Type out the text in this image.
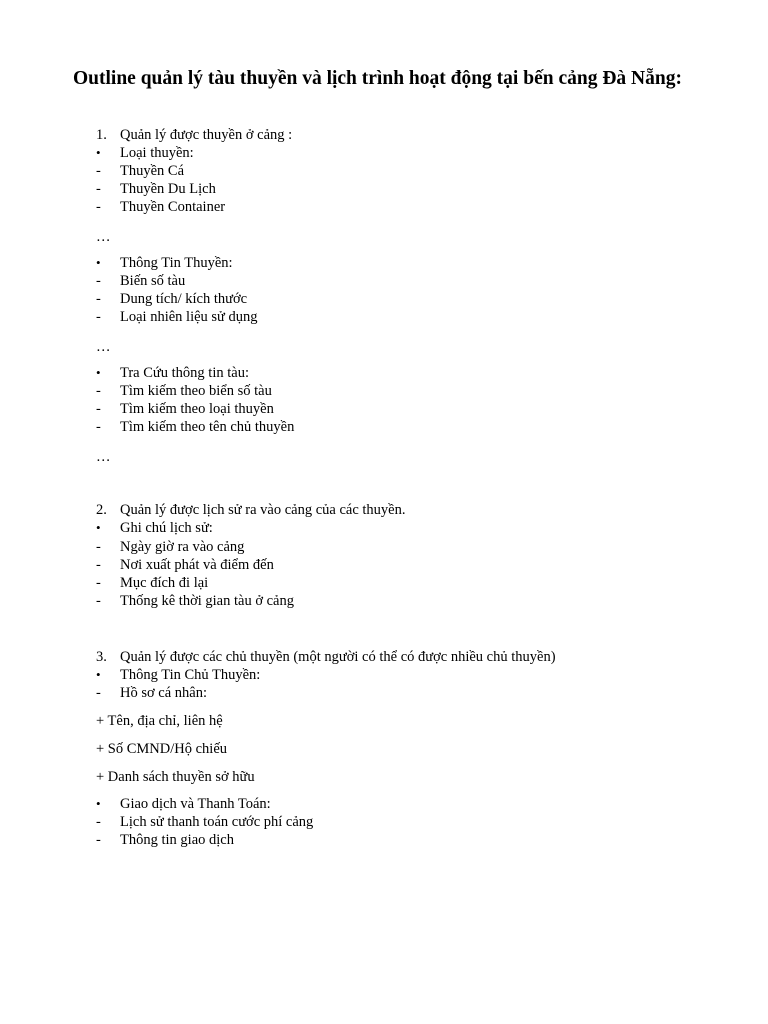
Outline quản lý tàu thuyền và lịch trình hoạt động tại bến cảng Đà Nẵng:
1. Quản lý được thuyền ở cảng :
• Loại thuyền:
- Thuyền Cá
- Thuyền Du Lịch
- Thuyền Container
…
• Thông Tin Thuyền:
- Biến số tàu
- Dung tích/ kích thước
- Loại nhiên liệu sử dụng
…
• Tra Cứu thông tin tàu:
- Tìm kiếm theo biển số tàu
- Tìm kiếm theo loại thuyền
- Tìm kiếm theo tên chủ thuyền
…
2. Quản lý được lịch sử ra vào cảng của các thuyền.
• Ghi chú lịch sử:
- Ngày giờ ra vào cảng
- Nơi xuất phát và điểm đến
- Mục đích đi lại
- Thống kê thời gian tàu ở cảng
3. Quản lý được các chủ thuyền (một người có thể có được nhiều chủ thuyền)
• Thông Tin Chủ Thuyền:
- Hồ sơ cá nhân:
+ Tên, địa chỉ, liên hệ
+ Số CMND/Hộ chiếu
+ Danh sách thuyền sở hữu
• Giao dịch và Thanh Toán:
- Lịch sử thanh toán cước phí cảng
- Thông tin giao dịch
